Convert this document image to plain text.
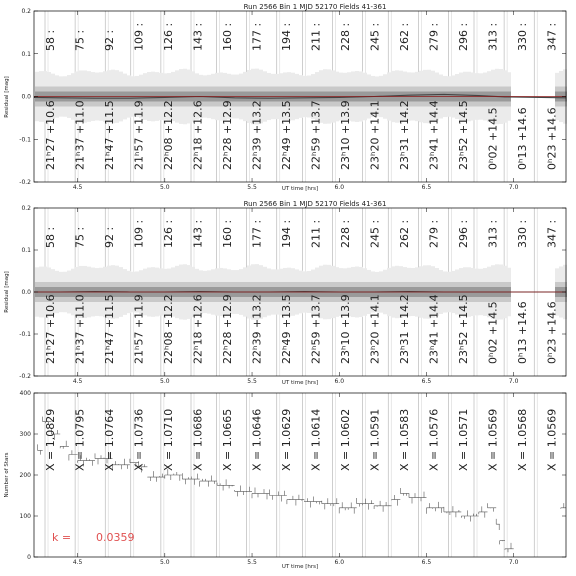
Run 2566 Bin 1 MJD 52170 Fields 41-361
58 :
21ʰ27 +10.6
75 :
21ʰ37 +11.0
92 :
21ʰ47 +11.5
109 :
21ʰ57 +11.9
126 :
22ʰ08 +12.2
143 :
22ʰ18 +12.6
160 :
22ʰ28 +12.9
177 :
22ʰ39 +13.2
194 :
22ʰ49 +13.5
211 :
22ʰ59 +13.7
228 :
23ʰ10 +13.9
245 :
23ʰ20 +14.1
262 :
23ʰ31 +14.2
279 :
23ʰ41 +14.4
296 :
23ʰ52 +14.5
313 :
0ʰ02 +14.5
330 :
0ʰ13 +14.6
347 :
0ʰ23 +14.6
Residual [mag]
UT time [hrs]
-0.2
-0.1
0.0
0.1
0.2
4.5	5.0	5.5	6.0	6.5	7.0
Run 2566 Bin 1 MJD 52170 Fields 41-361
58 :
21ʰ27 +10.6
75 :
21ʰ37 +11.0
92 :
21ʰ47 +11.5
109 :
21ʰ57 +11.9
126 :
22ʰ08 +12.2
143 :
22ʰ18 +12.6
160 :
22ʰ28 +12.9
177 :
22ʰ39 +13.2
194 :
22ʰ49 +13.5
211 :
22ʰ59 +13.7
228 :
23ʰ10 +13.9
245 :
23ʰ20 +14.1
262 :
23ʰ31 +14.2
279 :
23ʰ41 +14.4
296 :
23ʰ52 +14.5
313 :
0ʰ02 +14.5
330 :
0ʰ13 +14.6
347 :
0ʰ23 +14.6
Residual [mag]
UT time [hrs]
-0.2
-0.1
0.0
0.1
0.2
4.5	5.0	5.5	6.0	6.5	7.0
X = 1.0829 X = 1.0795 X = 1.0764 X = 1.0736 X = 1.0710 X = 1.0686 X = 1.0665 X = 1.0646 X = 1.0629 X = 1.0614 X = 1.0602 X = 1.0591 X = 1.0583 X = 1.0576 X = 1.0571 X = 1.0569 X = 1.0568 X = 1.0569
Number of Stars
UT time [hrs]
k = 0.0359
0
100
200
300
400
4.5	5.0	5.5	6.0	6.5	7.0
